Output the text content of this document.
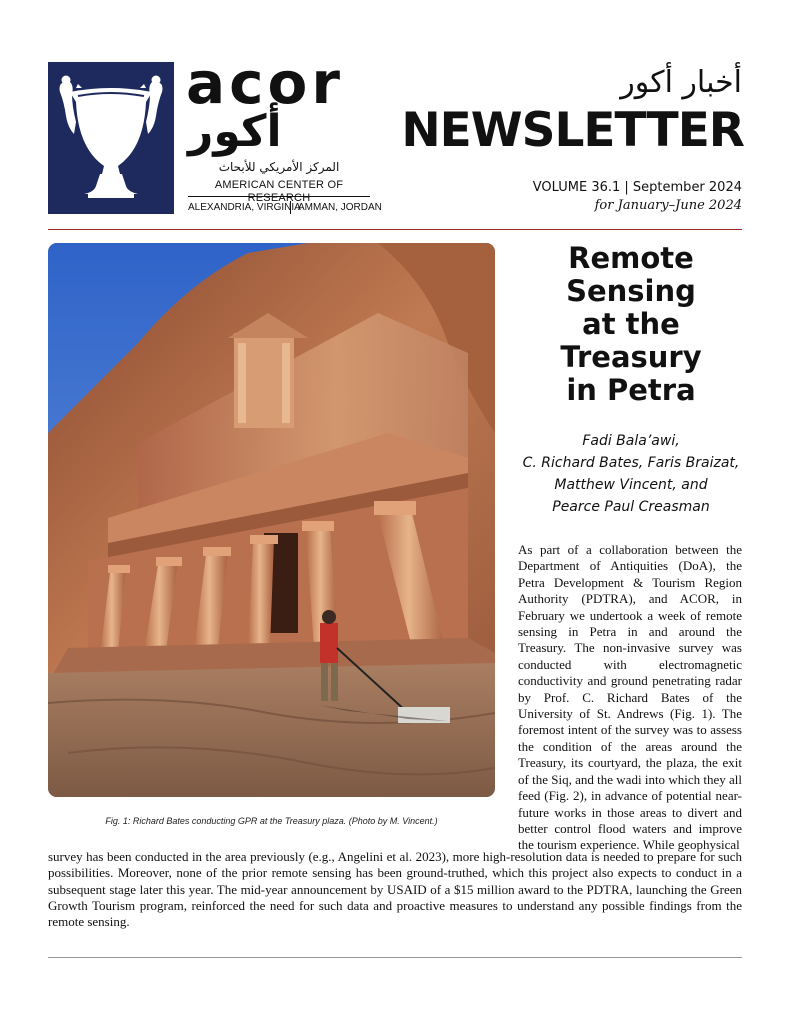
acor
أكور
المركز الأمريكي للأبحاث
AMERICAN CENTER OF RESEARCH
ALEXANDRIA, VIRGINIA
AMMAN, JORDAN
أخبار أكور
NEWSLETTER
VOLUME 36.1 | September 2024
for January–June 2024
Fig. 1: Richard Bates conducting GPR at the Treasury plaza. (Photo by M. Vincent.)
Remote
Sensing
at the
Treasury
in Petra
Fadi Bala’awi,
C. Richard Bates, Faris Braizat,
Matthew Vincent, and
Pearce Paul Creasman

As part of a collaboration between the Department of Antiquities (DoA), the Petra Development & Tourism Region Authority (PDTRA), and ACOR, in February we undertook a week of remote sensing in Petra in and around the Treasury. The non-invasive survey was conducted with electromagnetic conductivity and ground penetrating radar by Prof. C. Richard Bates of the University of St. Andrews (Fig. 1). The foremost intent of the survey was to assess the condition of the areas around the Treasury, its courtyard, the plaza, the exit of the Siq, and the wadi into which they all feed (Fig. 2), in advance of potential near-future works in those areas to divert and better control flood waters and improve the tourism experience. While geophysical

survey has been conducted in the area previously (e.g., Angelini et al. 2023), more high-resolution data is needed to prepare for such possibilities. Moreover, none of the prior remote sensing has been ground-truthed, which this project also expects to conduct in a subsequent stage later this year. The mid-year announcement by USAID of a $15 million award to the PDTRA, launching the Green Growth Tourism program, reinforced the need for such data and proactive measures to understand any possible findings from the remote sensing.
